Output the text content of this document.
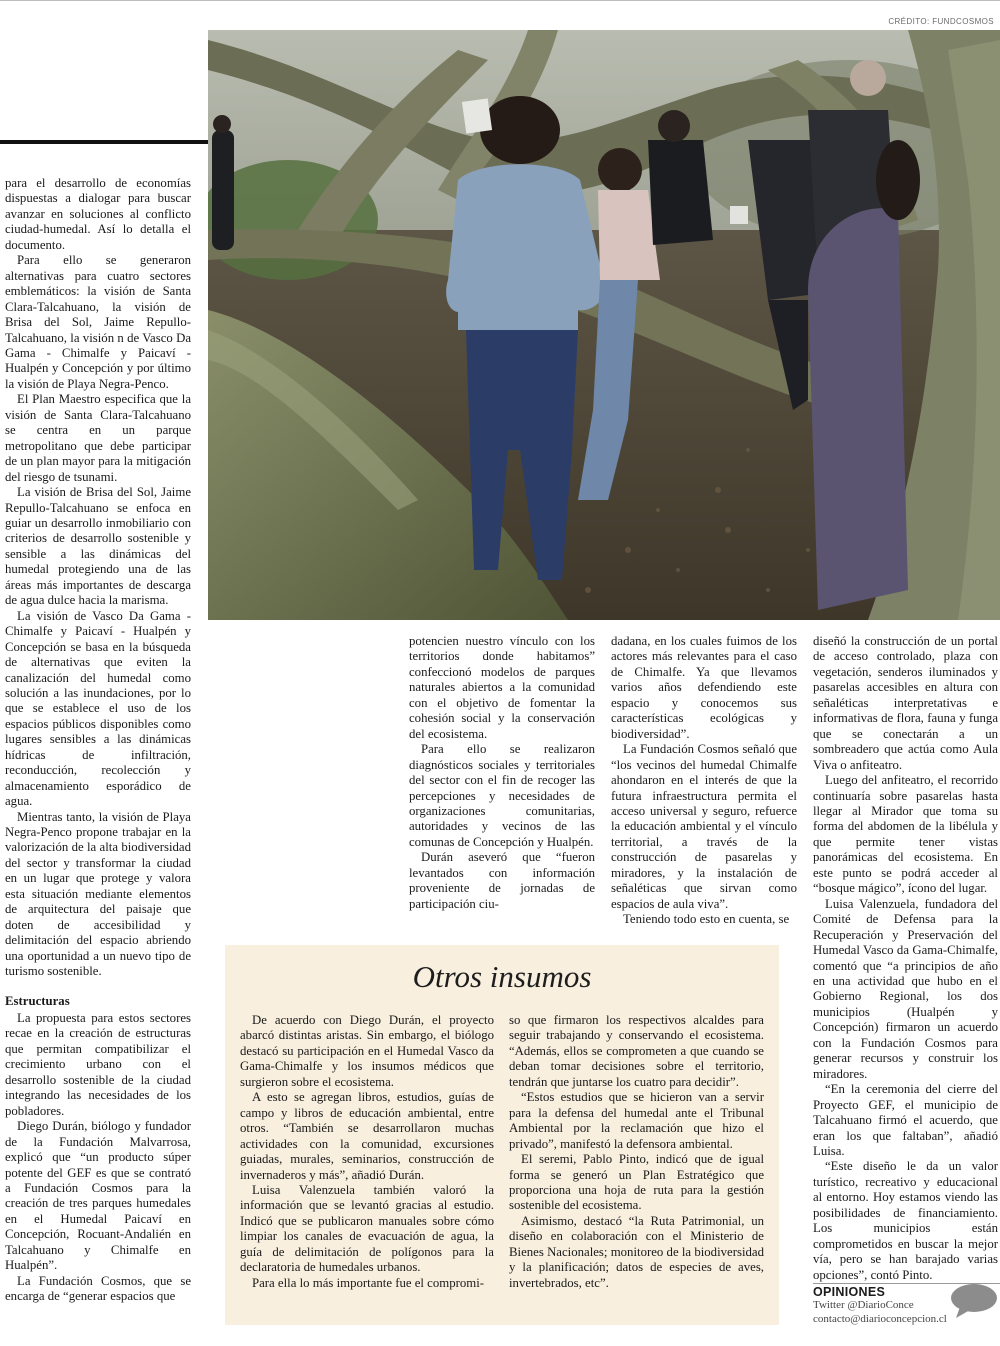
CRÉDITO: FUNDCOSMOS

para el desarrollo de economías dispuestas a dialogar para buscar avanzar en soluciones al conflicto ciudad-humedal. Así lo detalla el documento.

Para ello se generaron alternativas para cuatro sectores emblemáticos: la visión de Santa Clara-Talcahuano, la visión de Brisa del Sol, Jaime Repullo-Talcahuano, la visión n de Vasco Da Gama - Chimalfe y Paicaví - Hualpén y Concepción y por último la visión de Playa Negra-Penco.

El Plan Maestro especifica que la visión de Santa Clara-Talcahuano se centra en un parque metropolitano que debe participar de un plan mayor para la mitigación del riesgo de tsunami.

La visión de Brisa del Sol, Jaime Repullo-Talcahuano se enfoca en guiar un desarrollo inmobiliario con criterios de desarrollo sostenible y sensible a las dinámicas del humedal protegiendo una de las áreas más importantes de descarga de agua dulce hacia la marisma.

La visión de Vasco Da Gama - Chimalfe y Paicaví - Hualpén y Concepción se basa en la búsqueda de alternativas que eviten la canalización del humedal como solución a las inundaciones, por lo que se establece el uso de los espacios públicos disponibles como lugares sensibles a las dinámicas hídricas de infiltración, reconducción, recolección y almacenamiento esporádico de agua.

Mientras tanto, la visión de Playa Negra-Penco propone trabajar en la valorización de la alta biodiversidad del sector y transformar la ciudad en un lugar que protege y valora esta situación mediante elementos de arquitectura del paisaje que doten de accesibilidad y delimitación del espacio abriendo una oportunidad a un nuevo tipo de turismo sostenible.

Estructuras

La propuesta para estos sectores recae en la creación de estructuras que permitan compatibilizar el crecimiento urbano con el desarrollo sostenible de la ciudad integrando las necesidades de los pobladores.

Diego Durán, biólogo y fundador de la Fundación Malvarrosa, explicó que “un producto súper potente del GEF es que se contrató a Fundación Cosmos para la creación de tres parques humedales en el Humedal Paicaví en Concepción, Rocuant-Andalién en Talcahuano y Chimalfe en Hualpén”.

La Fundación Cosmos, que se encarga de “generar espacios que

potencien nuestro vínculo con los territorios donde habitamos” confeccionó modelos de parques naturales abiertos a la comunidad con el objetivo de fomentar la cohesión social y la conservación del ecosistema.

Para ello se realizaron diagnósticos sociales y territoriales del sector con el fin de recoger las percepciones y necesidades de organizaciones comunitarias, autoridades y vecinos de las comunas de Concepción y Hualpén.

Durán aseveró que “fueron levantados con información proveniente de jornadas de participación ciu-

dadana, en los cuales fuimos de los actores más relevantes para el caso de Chimalfe. Ya que llevamos varios años defendiendo este espacio y conocemos sus características ecológicas y biodiversidad”.

La Fundación Cosmos señaló que “los vecinos del humedal Chimalfe ahondaron en el interés de que la futura infraestructura permita el acceso universal y seguro, refuerce la educación ambiental y el vínculo territorial, a través de la construcción de pasarelas y miradores, y la instalación de señaléticas que sirvan como espacios de aula viva”.

Teniendo todo esto en cuenta, se

diseñó la construcción de un portal de acceso controlado, plaza con vegetación, senderos iluminados y pasarelas accesibles en altura con señaléticas interpretativas e informativas de flora, fauna y funga que se conectarán a un sombreadero que actúa como Aula Viva o anfiteatro.

Luego del anfiteatro, el recorrido continuaría sobre pasarelas hasta llegar al Mirador que toma su forma del abdomen de la libélula y que permite tener vistas panorámicas del ecosistema. En este punto se podrá acceder al “bosque mágico”, ícono del lugar.

Luisa Valenzuela, fundadora del Comité de Defensa para la Recuperación y Preservación del Humedal Vasco da Gama-Chimalfe, comentó que “a principios de año en una actividad que hubo en el Gobierno Regional, los dos municipios (Hualpén y Concepción) firmaron un acuerdo con la Fundación Cosmos para generar recursos y construir los miradores.

“En la ceremonia del cierre del Proyecto GEF, el municipio de Talcahuano firmó el acuerdo, que eran los que faltaban”, añadió Luisa.

“Este diseño le da un valor turístico, recreativo y educacional al entorno. Hoy estamos viendo las posibilidades de financiamiento. Los municipios están comprometidos en buscar la mejor vía, pero se han barajado varias opciones”, contó Pinto.

Otros insumos

De acuerdo con Diego Durán, el proyecto abarcó distintas aristas. Sin embargo, el biólogo destacó su participación en el Humedal Vasco da Gama-Chimalfe y los insumos médicos que surgieron sobre el ecosistema.

A esto se agregan libros, estudios, guías de campo y libros de educación ambiental, entre otros. “También se desarrollaron muchas actividades con la comunidad, excursiones guiadas, murales, seminarios, construcción de invernaderos y más”, añadió Durán.

Luisa Valenzuela también valoró la información que se levantó gracias al estudio. Indicó que se publicaron manuales sobre cómo limpiar los canales de evacuación de agua, la guía de delimitación de polígonos para la declaratoria de humedales urbanos.

Para ella lo más importante fue el compromi-

so que firmaron los respectivos alcaldes para seguir trabajando y conservando el ecosistema. “Además, ellos se comprometen a que cuando se deban tomar decisiones sobre el territorio, tendrán que juntarse los cuatro para decidir”.

“Estos estudios que se hicieron van a servir para la defensa del humedal ante el Tribunal Ambiental por la reclamación que hizo el privado”, manifestó la defensora ambiental.

El seremi, Pablo Pinto, indicó que de igual forma se generó un Plan Estratégico que proporciona una hoja de ruta para la gestión sostenible del ecosistema.

Asimismo, destacó “la Ruta Patrimonial, un diseño en colaboración con el Ministerio de Bienes Nacionales; monitoreo de la biodiversidad y la planificación; datos de especies de aves, invertebrados, etc”.

OPINIONES
Twitter @DiarioConce
contacto@diarioconcepcion.cl
